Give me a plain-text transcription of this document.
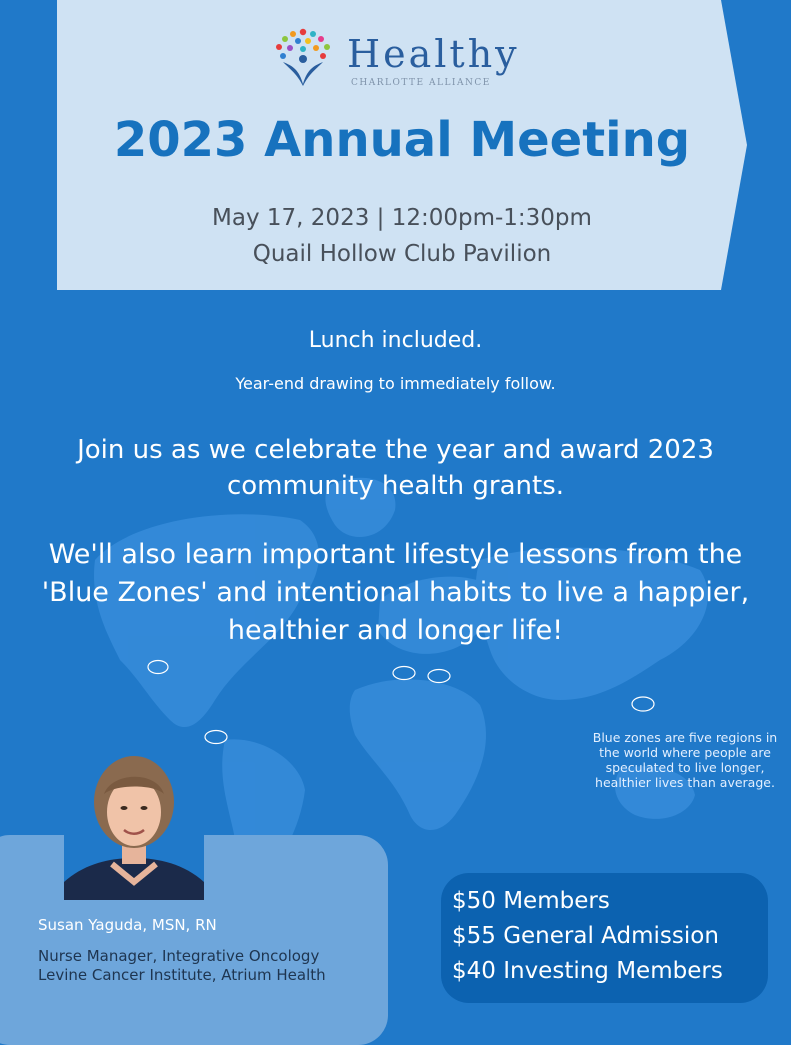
Healthy
CHARLOTTE ALLIANCE
2023 Annual Meeting
May 17, 2023 | 12:00pm-1:30pm
Quail Hollow Club Pavilion
Lunch included.
Year-end drawing to immediately follow.
Join us as we celebrate the year and award 2023 community health grants.
We'll also learn important lifestyle lessons from the 'Blue Zones' and intentional habits to live a happier, healthier and longer life!
Blue zones are five regions in the world where people are speculated to live longer, healthier lives than average.
Susan Yaguda, MSN, RN
Nurse Manager, Integrative Oncology
Levine Cancer Institute, Atrium Health
$50 Members
$55 General Admission
$40 Investing Members
